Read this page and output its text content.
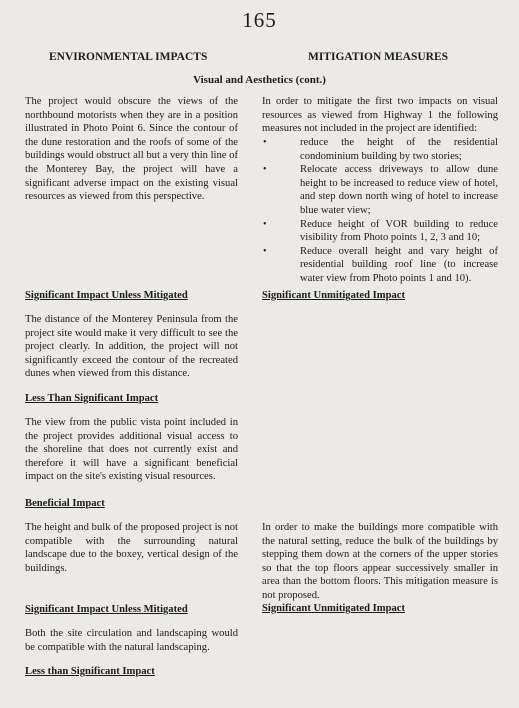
165
ENVIRONMENTAL IMPACTS	MITIGATION MEASURES
Visual and Aesthetics (cont.)
The project would obscure the views of the northbound motorists when they are in a position illustrated in Photo Point 6. Since the contour of the dune restoration and the roofs of some of the buildings would obstruct all but a very thin line of the Monterey Bay, the project will have a significant adverse impact on the existing visual resources as viewed from this perspective.
Significant Impact Unless Mitigated
The distance of the Monterey Peninsula from the project site would make it very difficult to see the project clearly. In addition, the project will not significantly exceed the contour of the recreated dunes when viewed from this distance.
Less Than Significant Impact
The view from the public vista point included in the project provides additional visual access to the shoreline that does not currently exist and therefore it will have a significant beneficial impact on the site's existing visual resources.
Beneficial Impact
The height and bulk of the proposed project is not compatible with the surrounding natural landscape due to the boxey, vertical design of the buildings.
Significant Impact Unless Mitigated
Both the site circulation and landscaping would be compatible with the natural landscaping.
Less than Significant Impact
In order to mitigate the first two impacts on visual resources as viewed from Highway 1 the following measures not included in the project are identified:
• reduce the height of the residential condominium building by two stories;
• Relocate access driveways to allow dune height to be increased to reduce view of hotel, and step down north wing of hotel to increase blue water view;
• Reduce height of VOR building to reduce visibility from Photo points 1, 2, 3 and 10;
• Reduce overall height and vary height of residential building roof line (to increase water view from Photo points 1 and 10).
Significant Unmitigated Impact
In order to make the buildings more compatible with the natural setting, reduce the bulk of the buildings by stepping them down at the corners of the upper stories so that the top floors appear successively smaller in area than the bottom floors. This mitigation measure is not proposed.
Significant Unmitigated Impact
